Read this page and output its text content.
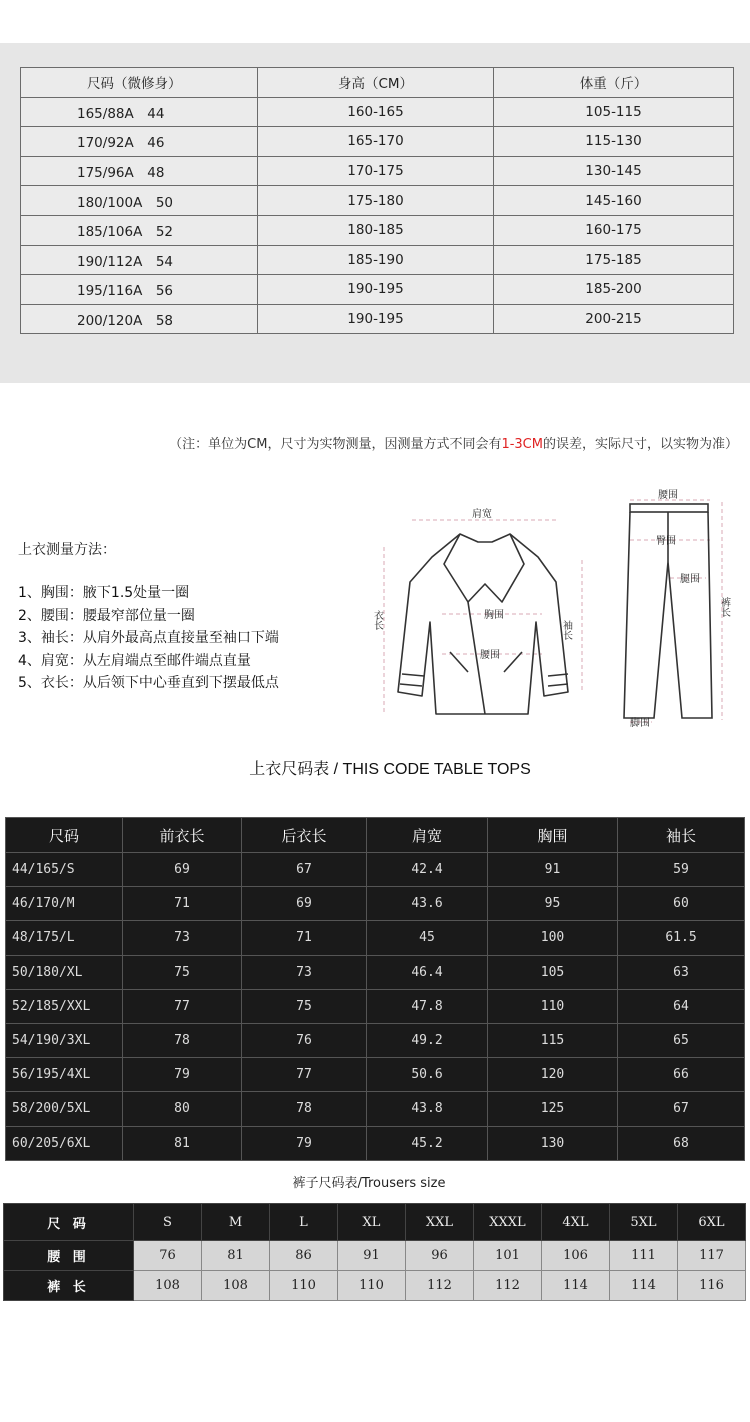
尺码（微修身）	身高（CM）	体重（斤）
165/88A　44	160-165	105-115
170/92A　46	165-170	115-130
175/96A　48	170-175	130-145
180/100A　50	175-180	145-160
185/106A　52	180-185	160-175
190/112A　54	185-190	175-185
195/116A　56	190-195	185-200
200/120A　58	190-195	200-215
（注：单位为CM，尺寸为实物测量，因测量方式不同会有1-3CM的误差，实际尺寸，以实物为准）
上衣测量方法：
1、胸围：腋下1.5处量一圈
2、腰围：腰最窄部位量一圈
3、袖长：从肩外最高点直接量至袖口下端
4、肩宽：从左肩端点至邮件端点直量
5、衣长：从后领下中心垂直到下摆最低点
肩宽
胸围
腰围
衣长	袖长
腰围
臀围
腿围
裤长
脚围
上衣尺码表 / THIS CODE TABLE TOPS
尺码	前衣长	后衣长	肩宽	胸围	袖长
44/165/S	69	67	42.4	91	59
46/170/M	71	69	43.6	95	60
48/175/L	73	71	45	100	61.5
50/180/XL	75	73	46.4	105	63
52/185/XXL	77	75	47.8	110	64
54/190/3XL	78	76	49.2	115	65
56/195/4XL	79	77	50.6	120	66
58/200/5XL	80	78	43.8	125	67
60/205/6XL	81	79	45.2	130	68
裤子尺码表/Trousers size
尺 码	S	M	L	XL	XXL	XXXL	4XL	5XL	6XL
腰 围	76	81	86	91	96	101	106	111	117
裤 长	108	108	110	110	112	112	114	114	116
